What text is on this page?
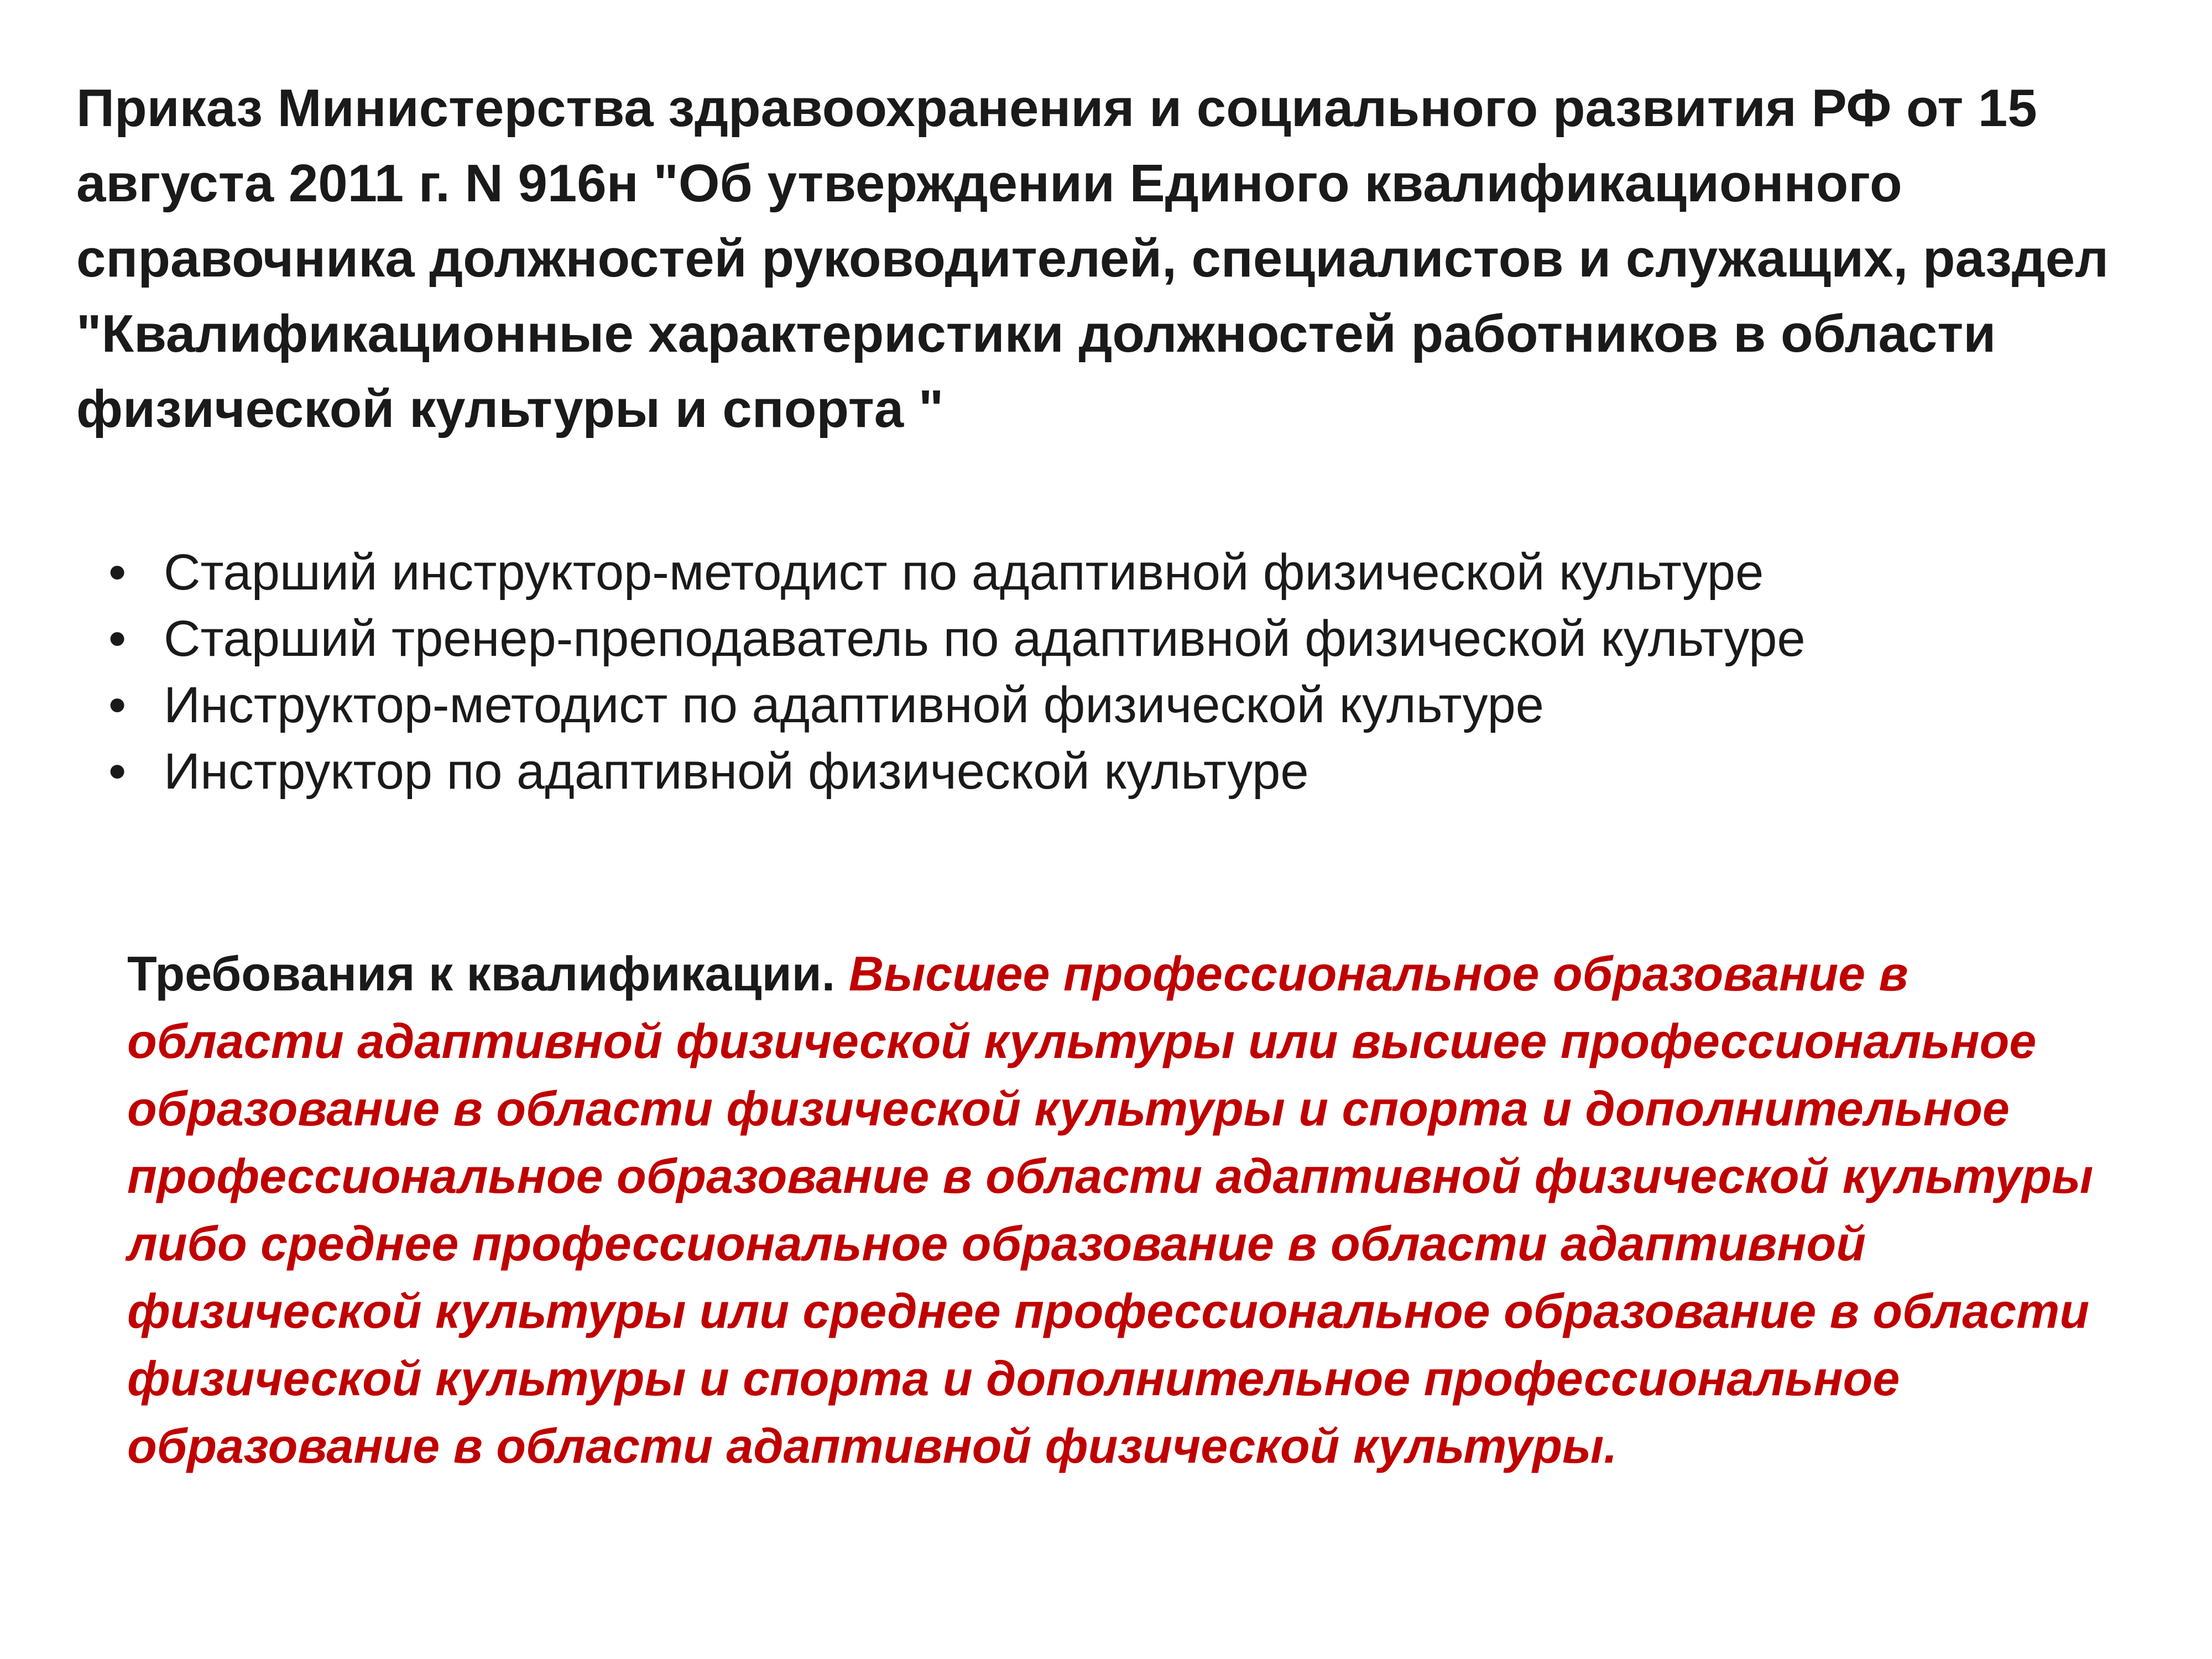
Приказ Министерства здравоохранения и социального развития РФ от 15 августа 2011 г. N 916н "Об утверждении Единого квалификационного справочника должностей руководителей, специалистов и служащих, раздел "Квалификационные характеристики должностей работников в области физической культуры и спорта "

• Старший инструктор-методист по адаптивной физической культуре
• Старший тренер-преподаватель по адаптивной физической культуре
• Инструктор-методист по адаптивной физической культуре
• Инструктор по адаптивной физической культуре

Требования к квалификации. Высшее профессиональное образование в области адаптивной физической культуры или высшее профессиональное образование в области физической культуры и спорта и дополнительное профессиональное образование в области адаптивной физической культуры либо среднее профессиональное образование в области адаптивной физической культуры или среднее профессиональное образование в области физической культуры и спорта и дополнительное профессиональное образование в области адаптивной физической культуры.
